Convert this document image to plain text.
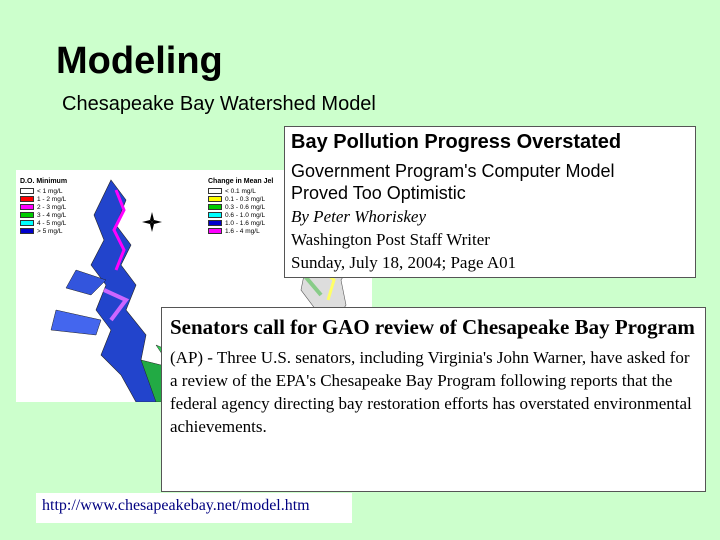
Modeling
Chesapeake Bay Watershed Model
D.O. Minimum
< 1 mg/L
1 - 2 mg/L
2 - 3 mg/L
3 - 4 mg/L
4 - 5 mg/L
> 5 mg/L
Change in Mean Jel
< 0.1 mg/L
0.1 - 0.3 mg/L
0.3 - 0.6 mg/L
0.6 - 1.0 mg/L
1.0 - 1.6 mg/L
1.6 - 4 mg/L
Bay Pollution Progress Overstated
Government Program's Computer Model
Proved Too Optimistic
By Peter Whoriskey
Washington Post Staff Writer
Sunday, July 18, 2004; Page A01
Senators call for GAO review of Chesapeake Bay Program
(AP) - Three U.S. senators, including Virginia's John Warner, have asked for a review of the EPA's Chesapeake Bay Program following reports that the federal agency directing bay restoration efforts has overstated environmental achievements.
http://www.chesapeakebay.net/model.htm
